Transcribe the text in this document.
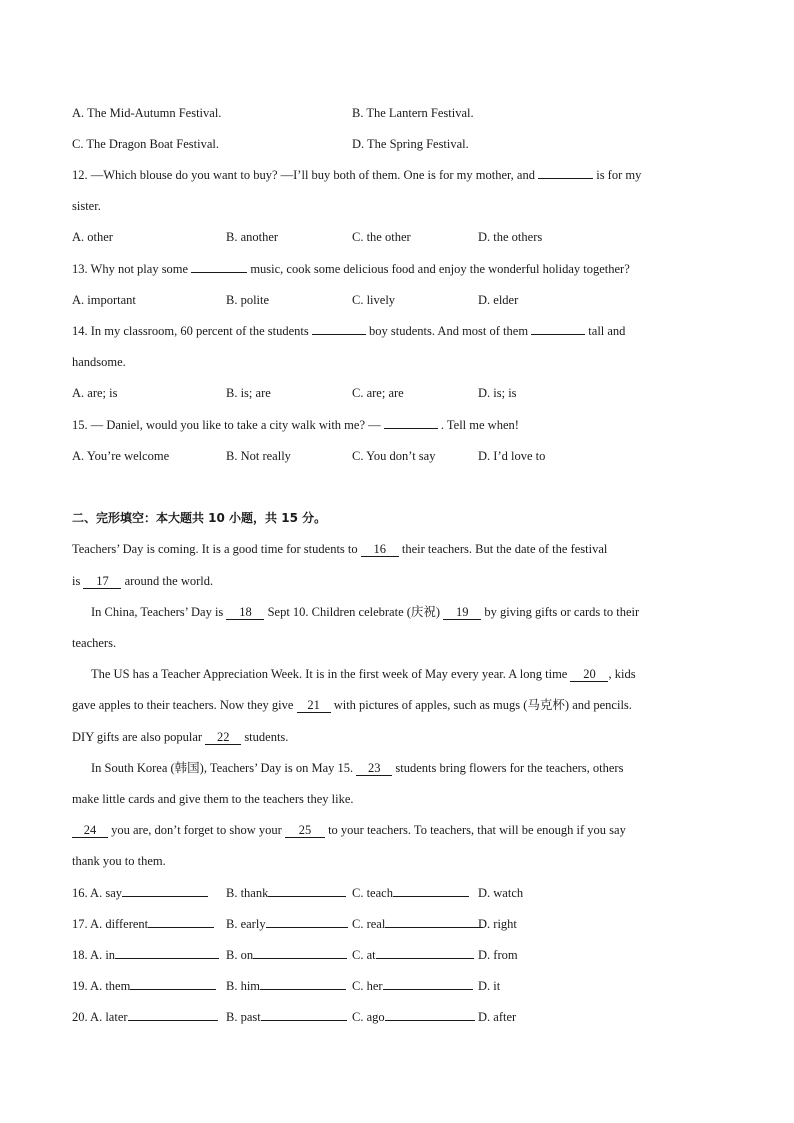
A. The Mid-Autumn Festival.	B. The Lantern Festival.
C. The Dragon Boat Festival.	D. The Spring Festival.
12. —Which blouse do you want to buy? —I’ll buy both of them. One is for my mother, and	is for my
sister.
A. other	B. another	C. the other	D. the others
13. Why not play some	music, cook some delicious food and enjoy the wonderful holiday together?
A. important	B. polite	C. lively	D. elder
14. In my classroom, 60 percent of the students	boy students. And most of them	tall and
handsome.
A. are; is	B. is; are	C. are; are	D. is; is
15. — Daniel, would you like to take a city walk with me? —	. Tell me when!
A. You’re welcome	B. Not really	C. You don’t say	D. I’d love to
二、完形填空：本大题共 10 小题，共 15 分。
Teachers’ Day is coming. It is a good time for students to 16 their teachers. But the date of the festival
is 17 around the world.
In China, Teachers’ Day is 18 Sept 10. Children celebrate (庆祝) 19 by giving gifts or cards to their
teachers.
The US has a Teacher Appreciation Week. It is in the first week of May every year. A long time 20 , kids
gave apples to their teachers. Now they give 21 with pictures of apples, such as mugs (马克杯) and pencils.
DIY gifts are also popular 22 students.
In South Korea (韩国), Teachers’ Day is on May 15. 23 students bring flowers for the teachers, others
make little cards and give them to the teachers they like.
24 you are, don’t forget to show your 25 to your teachers. To teachers, that will be enough if you say
thank you to them.
16. A. say	B. thank	C. teach	D. watch
17. A. different	B. early	C. real	D. right
18. A. in	B. on	C. at	D. from
19. A. them	B. him	C. her	D. it
20. A. later	B. past	C. ago	D. after
